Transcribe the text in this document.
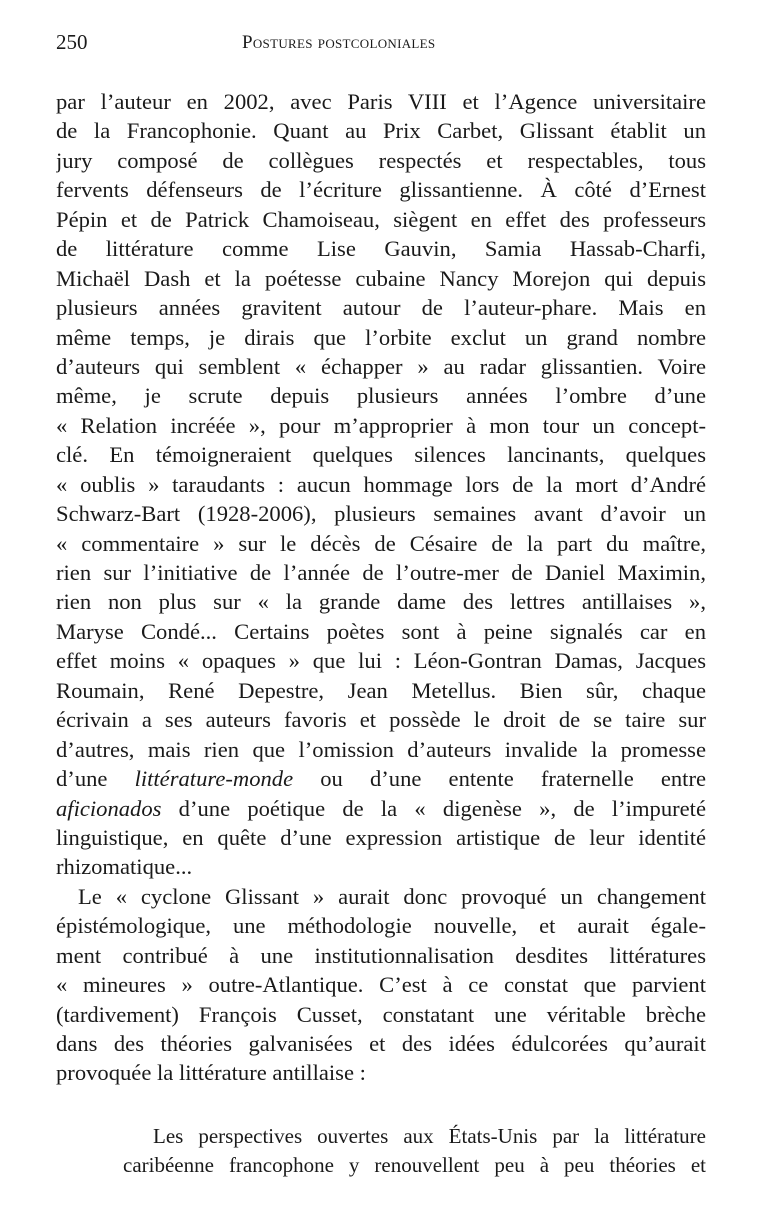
250	Postures postcoloniales
par l’auteur en 2002, avec Paris VIII et l’Agence universitaire
de la Francophonie. Quant au Prix Carbet, Glissant établit un
jury composé de collègues respectés et respectables, tous
fervents défenseurs de l’écriture glissantienne. À côté d’Ernest
Pépin et de Patrick Chamoiseau, siègent en effet des professeurs
de littérature comme Lise Gauvin, Samia Hassab-Charfi,
Michaël Dash et la poétesse cubaine Nancy Morejon qui depuis
plusieurs années gravitent autour de l’auteur-phare. Mais en
même temps, je dirais que l’orbite exclut un grand nombre
d’auteurs qui semblent « échapper » au radar glissantien. Voire
même, je scrute depuis plusieurs années l’ombre d’une
« Relation incréée », pour m’approprier à mon tour un concept-
clé. En témoigneraient quelques silences lancinants, quelques
« oublis » taraudants : aucun hommage lors de la mort d’André
Schwarz-Bart (1928-2006), plusieurs semaines avant d’avoir un
« commentaire » sur le décès de Césaire de la part du maître,
rien sur l’initiative de l’année de l’outre-mer de Daniel Maximin,
rien non plus sur « la grande dame des lettres antillaises »,
Maryse Condé... Certains poètes sont à peine signalés car en
effet moins « opaques » que lui : Léon-Gontran Damas, Jacques
Roumain, René Depestre, Jean Metellus. Bien sûr, chaque
écrivain a ses auteurs favoris et possède le droit de se taire sur
d’autres, mais rien que l’omission d’auteurs invalide la promesse
d’une littérature-monde ou d’une entente fraternelle entre
aficionados d’une poétique de la « digenèse », de l’impureté
linguistique, en quête d’une expression artistique de leur identité
rhizomatique...
Le « cyclone Glissant » aurait donc provoqué un changement
épistémologique, une méthodologie nouvelle, et aurait égale-
ment contribué à une institutionnalisation desdites littératures
« mineures » outre-Atlantique. C’est à ce constat que parvient
(tardivement) François Cusset, constatant une véritable brèche
dans des théories galvanisées et des idées édulcorées qu’aurait
provoquée la littérature antillaise :
Les perspectives ouvertes aux États-Unis par la littérature
caribéenne francophone y renouvellent peu à peu théories et
